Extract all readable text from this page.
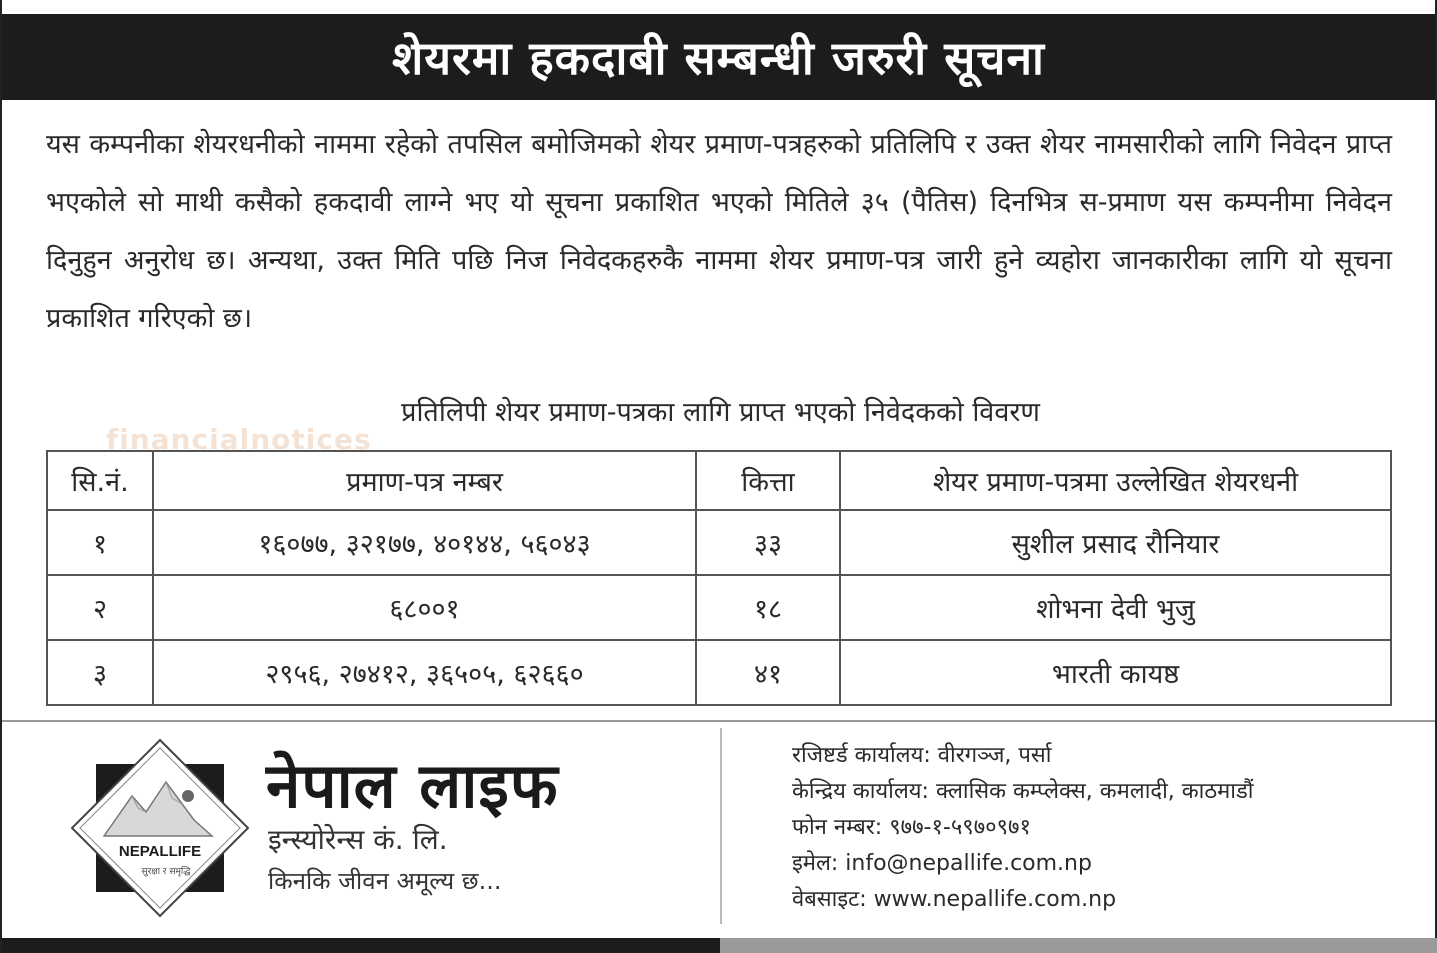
शेयरमा हकदाबी सम्बन्धी जरुरी सूचना
यस कम्पनीका शेयरधनीको नाममा रहेको तपसिल बमोजिमको शेयर प्रमाण-पत्रहरुको प्रतिलिपि र उक्त शेयर नामसारीको लागि निवेदन प्राप्त भएकोले सो माथी कसैको हकदावी लाग्ने भए यो सूचना प्रकाशित भएको मितिले ३५ (पैतिस) दिनभित्र स-प्रमाण यस कम्पनीमा निवेदन दिनुहुन अनुरोध छ। अन्यथा, उक्त मिति पछि निज निवेदकहरुकै नाममा शेयर प्रमाण-पत्र जारी हुने व्यहोरा जानकारीका लागि यो सूचना प्रकाशित गरिएको छ।
प्रतिलिपी शेयर प्रमाण-पत्रका लागि प्राप्त भएको निवेदकको विवरण
financialnotices
सि.नं.	प्रमाण-पत्र नम्बर	कित्ता	शेयर प्रमाण-पत्रमा उल्लेखित शेयरधनी
१	१६०७७, ३२१७७, ४०१४४, ५६०४३	३३	सुशील प्रसाद रौनियार
२	६८००१	१८	शोभना देवी भुजु
३	२९५६, २७४१२, ३६५०५, ६२६६०	४१	भारती कायष्ठ
NEPALLIFE
सुरक्षा र समृद्धि
नेपाल लाइफ
इन्स्योरेन्स कं. लि.
किनकि जीवन अमूल्य छ...
रजिष्टर्ड कार्यालय: वीरगञ्ज, पर्सा
केन्द्रिय कार्यालय: क्लासिक कम्प्लेक्स, कमलादी, काठमाडौं
फोन नम्बर: ९७७-१-५९७०९७१
इमेल: info@nepallife.com.np
वेबसाइट: www.nepallife.com.np
